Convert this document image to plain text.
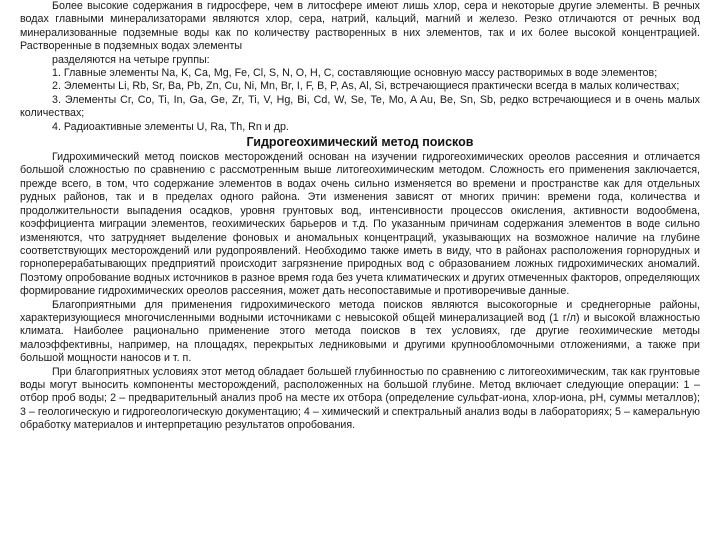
Более высокие содержания в гидросфере, чем в литосфере имеют лишь хлор, сера и некоторые другие элементы. В речных водах главными минерализаторами являются хлор, сера, натрий, кальций, магний и железо. Резко отличаются от речных вод минерализованные подземные воды как по количеству растворенных в них элементов, так и их более высокой концентрацией. Растворенные в подземных водах элементы

разделяются на четыре группы:

1. Главные элементы Na, K, Ca, Mg, Fe, Cl, S, N, O, H, C, составляющие основную массу растворимых в воде элементов;

2. Элементы Li, Rb, Sr, Ba, Pb, Zn, Cu, Ni, Mn, Br, I, F, B, P, As, Al, Si, встречающиеся практически всегда в малых количествах;

3. Элементы Cr, Co, Ti, In, Ga, Ge, Zr, Ti, V, Hg, Bi, Cd, W, Se, Te, Mo, A Au, Be, Sn, Sb, редко встречающиеся и в очень малых количествах;

4. Радиоактивные элементы U, Ra, Th, Rn и др.

Гидрогеохимический метод поисков

Гидрохимический метод поисков месторождений основан на изучении гидрогеохимических ореолов рассеяния и отличается большой сложностью по сравнению с рассмотренным выше литогеохимическим методом. Сложность его применения заключается, прежде всего, в том, что содержание элементов в водах очень сильно изменяется во времени и пространстве как для отдельных рудных районов, так и в пределах одного района. Эти изменения зависят от многих причин: времени года, количества и продолжительности выпадения осадков, уровня грунтовых вод, интенсивности процессов окисления, активности водообмена, коэффициента миграции элементов, геохимических барьеров и т.д. По указанным причинам содержания элементов в воде сильно изменяются, что затрудняет выделение фоновых и аномальных концентраций, указывающих на возможное наличие на глубине соответствующих месторождений или рудопроявлений. Необходимо также иметь в виду, что в районах расположения горнорудных и горноперерабатывающих предприятий происходит загрязнение природных вод с образованием ложных гидрохимических аномалий. Поэтому опробование водных источников в разное время года без учета климатических и других отмеченных факторов, определяющих формирование гидрохимических ореолов рассеяния, может дать несопоставимые и противоречивые данные.

Благоприятными для применения гидрохимического метода поисков являются высокогорные и среднегорные районы, характеризующиеся многочисленными водными источниками с невысокой общей минерализацией вод (1 г/л) и высокой влажностью климата. Наиболее рационально применение этого метода поисков в тех условиях, где другие геохимические методы малоэффективны, например, на площадях, перекрытых ледниковыми и другими крупнообломочными отложениями, а также при большой мощности наносов и т. п.

При благоприятных условиях этот метод обладает большей глубинностью по сравнению с литогеохимическим, так как грунтовые воды могут выносить компоненты месторождений, расположенных на большой глубине. Метод включает следующие операции: 1 – отбор проб воды; 2 – предварительный анализ проб на месте их отбора (определение сульфат-иона, хлор-иона, рН, суммы металлов); 3 – геологическую и гидрогеологическую документацию; 4 – химический и спектральный анализ воды в лабораториях; 5 – камеральную обработку материалов и интерпретацию результатов опробования.
